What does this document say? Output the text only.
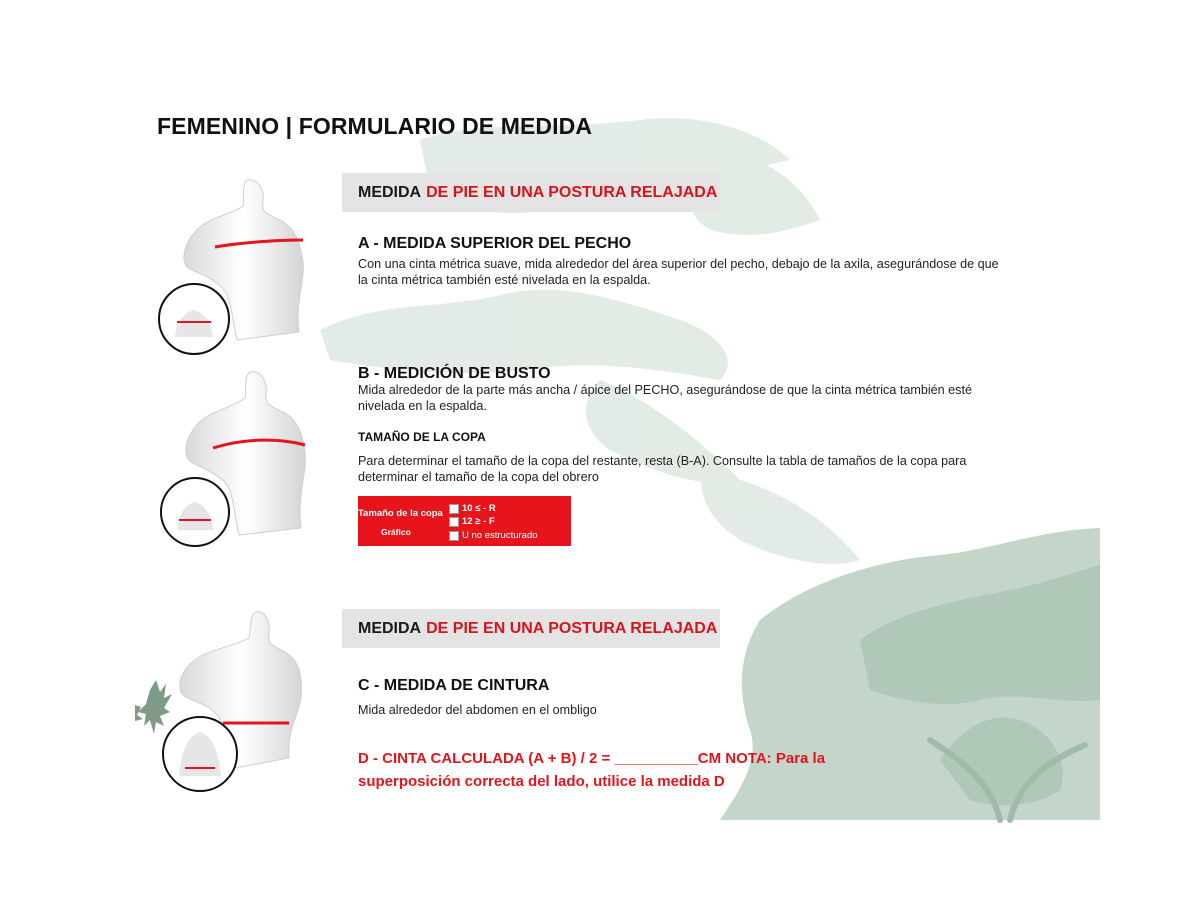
FEMENINO | FORMULARIO DE MEDIDA
MEDIDA DE PIE EN UNA POSTURA RELAJADA
A - MEDIDA SUPERIOR DEL PECHO

Con una cinta métrica suave, mida alrededor del área superior del pecho, debajo de la axila, asegurándose de que la cinta métrica también esté nivelada en la espalda.

B - MEDICIÓN DE BUSTO

Mida alrededor de la parte más ancha / ápice del PECHO, asegurándose de que la cinta métrica también esté nivelada en la espalda.

TAMAÑO DE LA COPA

Para determinar el tamaño de la copa del restante, resta (B-A). Consulte la tabla de tamaños de la copa para determinar el tamaño de la copa del obrero

Tamaño de la copa
Gráfico
10 ≤ - R
12 ≥ - F
U no estructurado
MEDIDA DE PIE EN UNA POSTURA RELAJADA
C - MEDIDA DE CINTURA

Mida alrededor del abdomen en el ombligo

D - CINTA CALCULADA (A + B) / 2 = __________CM NOTA: Para la superposición correcta del lado, utilice la medida D
